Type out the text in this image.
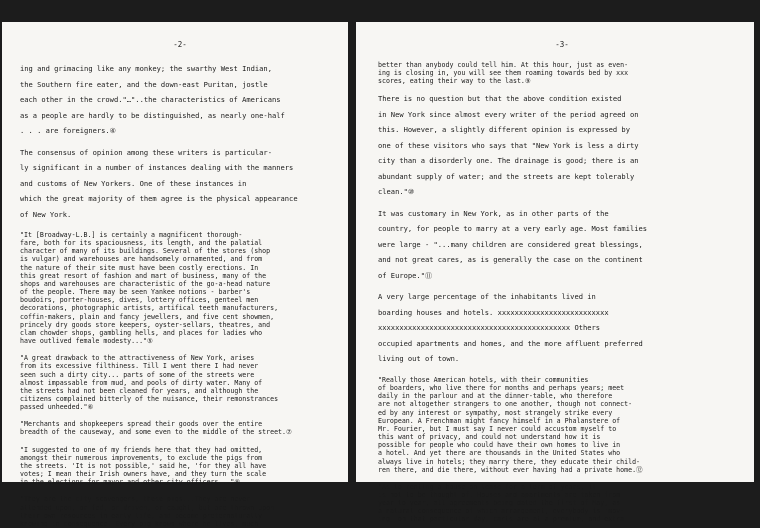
-2-
ing and grimacing like any monkey; the swarthy West Indian,
the Southern fire eater, and the down-east Puritan, jostle
each other in the crowd."…"..the characteristics of Americans
as a people are hardly to be distinguished, as nearly one-half
. . . are foreigners.④
The consensus of opinion among these writers is particular-
ly significant in a number of instances dealing with the manners
and customs of New Yorkers. One of these instances in
which the great majority of them agree is the physical appearance
of New York.
"It [Broadway-L.B.] is certainly a magnificent thorough-
fare, both for its spaciousness, its length, and the palatial
character of many of its buildings. Several of the stores (shop
is vulgar) and warehouses are handsomely ornamented, and from
the nature of their site must have been costly erections. In
this great resort of fashion and mart of business, many of the
shops and warehouses are characteristic of the go-a-head nature
of the people. There may be seen Yankee notions - barber's
boudoirs, porter-houses, dives, lottery offices, genteel men
decorations, photographic artists, artifical teeth manufacturers,
coffin-makers, plain and fancy jewellers, and five cent showmen,
princely dry goods store keepers, oyster-sellars, theatres, and
clam chowder shops, gambling hells, and places for ladies who
have outlived female modesty..."⑤
"A great drawback to the attractiveness of New York, arises
from its excessive filthiness. Till I went there I had never
seen such a dirty city... parts of some of the streets were
almost impassable from mud, and pools of dirty water. Many of
the streets had not been cleaned for years, and although the
citizens complained bitterly of the nuisance, their remonstrances
passed unheeded."⑥
"Merchants and shopkeepers spread their goods over the entire
breadth of the causeway, and some even to the middle of the street.⑦
"I suggested to one of my friends here that they had omitted,
amongst their numerous improvements, to exclude the pigs from
the streets. 'It is not possible,' said he, 'for they all have
votes; I mean their Irish owners have, and they turn the scale
in the elections for mayor and other city officers..."⑧
"They are the city scavengers, these pigs...They are never
attended upon, or fed, or driven, or caught, but are thrown upon
their own resources in early life, and become preternaturally
knowing in consequence. Every pig knows where he lives, much
-3-
better than anybody could tell him. At this hour, just as even-
ing is closing in, you will see them roaming towards bed by xxx
scores, eating their way to the last.⑨
There is no question but that the above condition existed
in New York since almost every writer of the period agreed on
this. However, a slightly different opinion is expressed by
one of these visitors who says that "New York is less a dirty
city than a disorderly one. The drainage is good; there is an
abundant supply of water; and the streets are kept tolerably
clean."⑩
It was customary in New York, as in other parts of the
country, for people to marry at a very early age. Most families
were large - "...many children are considered great blessings,
and not great cares, as is generally the case on the continent
of Europe."⑪
A very large percentage of the inhabitants lived in
boarding houses and hotels. xxxxxxxxxxxxxxxxxxxxxxxxxx
xxxxxxxxxxxxxxxxxxxxxxxxxxxxxxxxxxxxxxxxxxxxx Others
occupied apartments and homes, and the more affluent preferred
living out of town.
"Really those American hotels, with their communities
of boarders, who live there for months and perhaps years; meet
daily in the parlour and at the dinner-table, who therefore
are not altogether strangers to one another, though not connect-
ed by any interest or sympathy, most strangely strike every
European. A Frenchman might fancy himself in a Phalanstere of
Mr. Fourier, but I must say I never could accustom myself to
this want of privacy, and could not understand how it is
possible for people who could have their own homes to live in
a hotel. And yet there are thousands in the United States who
always live in hotels; they marry there, they educate their child-
ren there, and die there, without ever having had a private home.⑫
"As to renting a house on lease for a term of years, it
is not to be thought of. Houses and apartments are taken from
year to year, all agreements being dated the first of May; as
a natural consequence of which arrangement, everybody is 'mov-
ing' on that particular day; carts are at a premium, and extra
